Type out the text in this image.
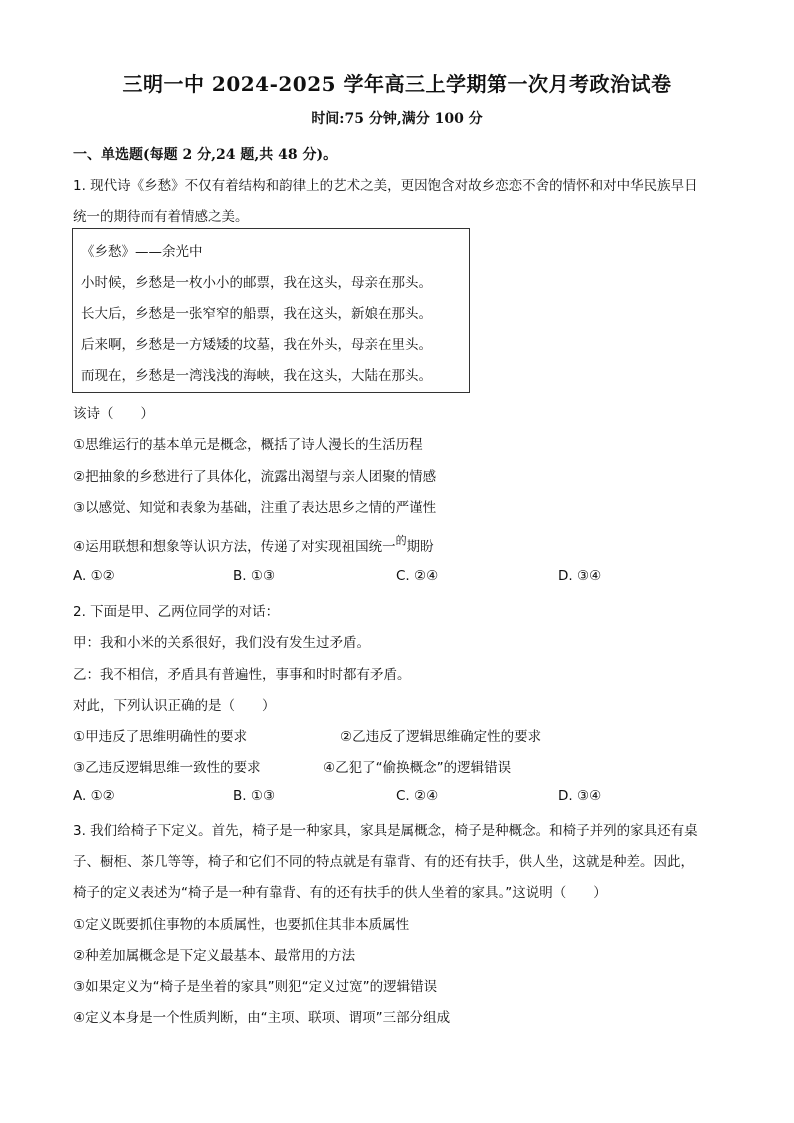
三明一中 2024-2025 学年高三上学期第一次月考政治试卷
时间:75 分钟,满分 100 分
一、单选题(每题 2 分,24 题,共 48 分)。
1. 现代诗《乡愁》不仅有着结构和韵律上的艺术之美，更因饱含对故乡恋恋不舍的情怀和对中华民族早日
统一的期待而有着情感之美。
《乡愁》——余光中
小时候，乡愁是一枚小小的邮票，我在这头，母亲在那头。
长大后，乡愁是一张窄窄的船票，我在这头，新娘在那头。
后来啊，乡愁是一方矮矮的坟墓，我在外头，母亲在里头。
而现在，乡愁是一湾浅浅的海峡，我在这头，大陆在那头。
该诗（　　）
①思维运行的基本单元是概念，概括了诗人漫长的生活历程
②把抽象的乡愁进行了具体化，流露出渴望与亲人团聚的情感
③以感觉、知觉和表象为基础，注重了表达思乡之情的严谨性
④运用联想和想象等认识方法，传递了对实现祖国统一$^的$期盼
A. ①②	B. ①③	C. ②④	D. ③④
2. 下面是甲、乙两位同学的对话：
甲：我和小米的关系很好，我们没有发生过矛盾。
乙：我不相信，矛盾具有普遍性，事事和时时都有矛盾。
对此，下列认识正确的是（　　）
①甲违反了思维明确性的要求	②乙违反了逻辑思维确定性的要求
③乙违反逻辑思维一致性的要求	④乙犯了“偷换概念”的逻辑错误
A. ①②	B. ①③	C. ②④	D. ③④
3. 我们给椅子下定义。首先，椅子是一种家具，家具是属概念，椅子是种概念。和椅子并列的家具还有桌
子、橱柜、茶几等等，椅子和它们不同的特点就是有靠背、有的还有扶手，供人坐，这就是种差。因此，
椅子的定义表述为“椅子是一种有靠背、有的还有扶手的供人坐着的家具。”这说明（　　）
①定义既要抓住事物的本质属性，也要抓住其非本质属性
②种差加属概念是下定义最基本、最常用的方法
③如果定义为“椅子是坐着的家具”则犯“定义过宽”的逻辑错误
④定义本身是一个性质判断，由“主项、联项、谓项”三部分组成
